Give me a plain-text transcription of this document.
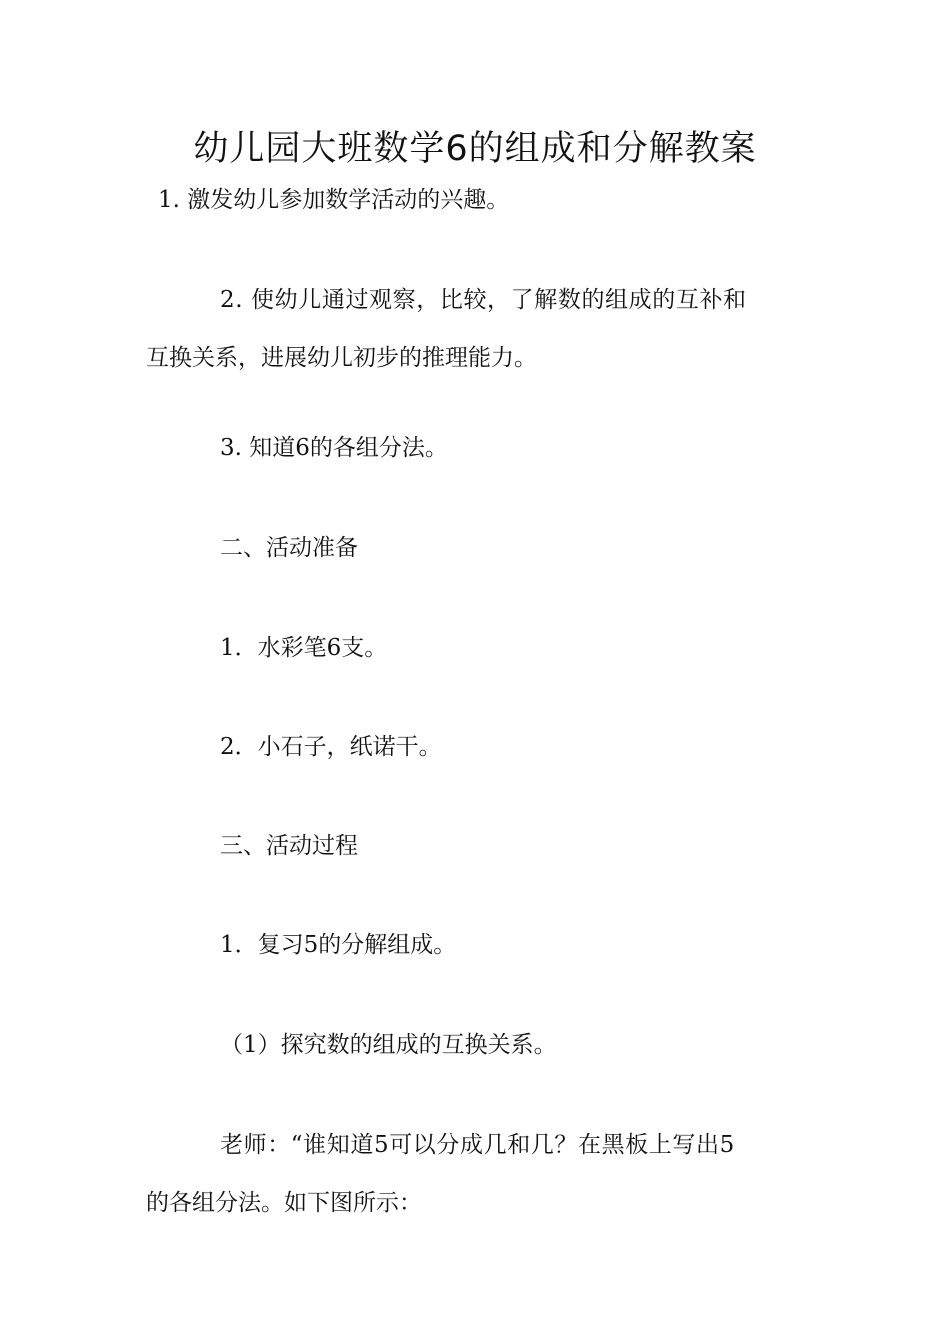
幼儿园大班数学6的组成和分解教案
1. 激发幼儿参加数学活动的兴趣。
2. 使幼儿通过观察，比较，了解数的组成的互补和
互换关系，进展幼儿初步的推理能力。
3. 知道6的各组分法。
二、活动准备
1．水彩笔6支。
2．小石子，纸诺干。
三、活动过程
1．复习5的分解组成。
（1）探究数的组成的互换关系。
老师：“谁知道5可以分成几和几？在黑板上写出5
的各组分法。如下图所示：
